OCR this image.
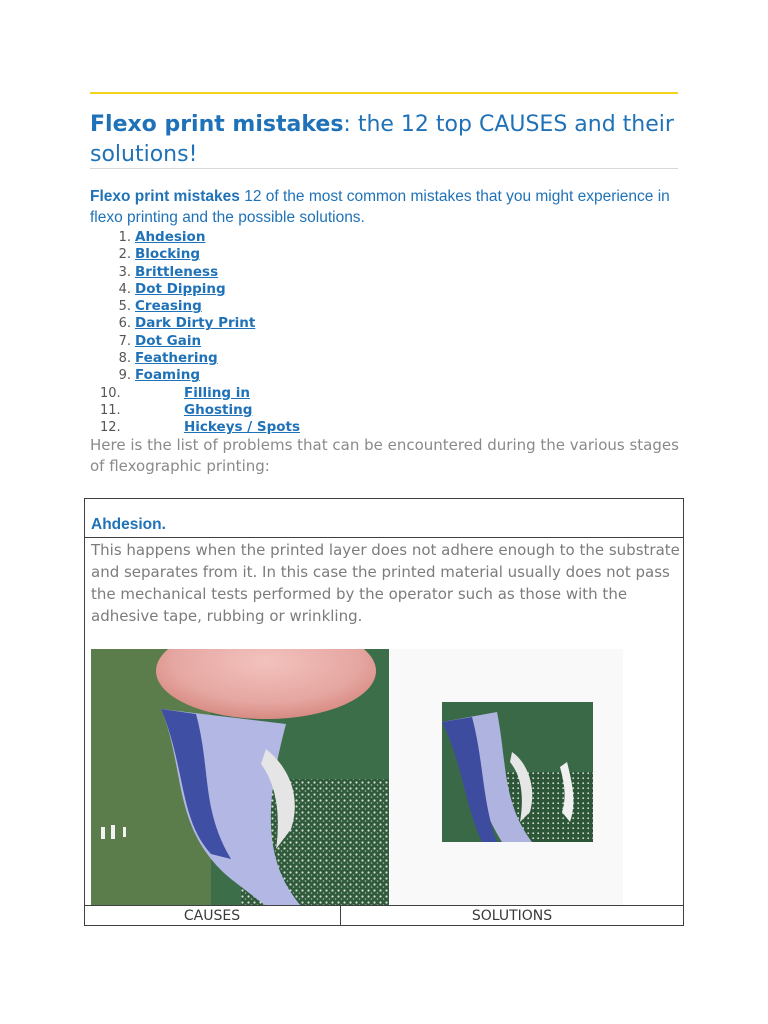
Flexo print mistakes: the 12 top CAUSES and their solutions!
Flexo print mistakes 12 of the most common mistakes that you might experience in flexo printing and the possible solutions.
1. Ahdesion
2. Blocking
3. Brittleness
4. Dot Dipping
5. Creasing
6. Dark Dirty Print
7. Dot Gain
8. Feathering
9. Foaming
10.	Filling in
11.	Ghosting
12.	Hickeys / Spots
Here is the list of problems that can be encountered during the various stages of flexographic printing:
Ahdesion.

This happens when the printed layer does not adhere enough to the substrate and separates from it. In this case the printed material usually does not pass the mechanical tests performed by the operator such as those with the adhesive tape, rubbing or wrinkling.

CAUSES	SOLUTIONS
